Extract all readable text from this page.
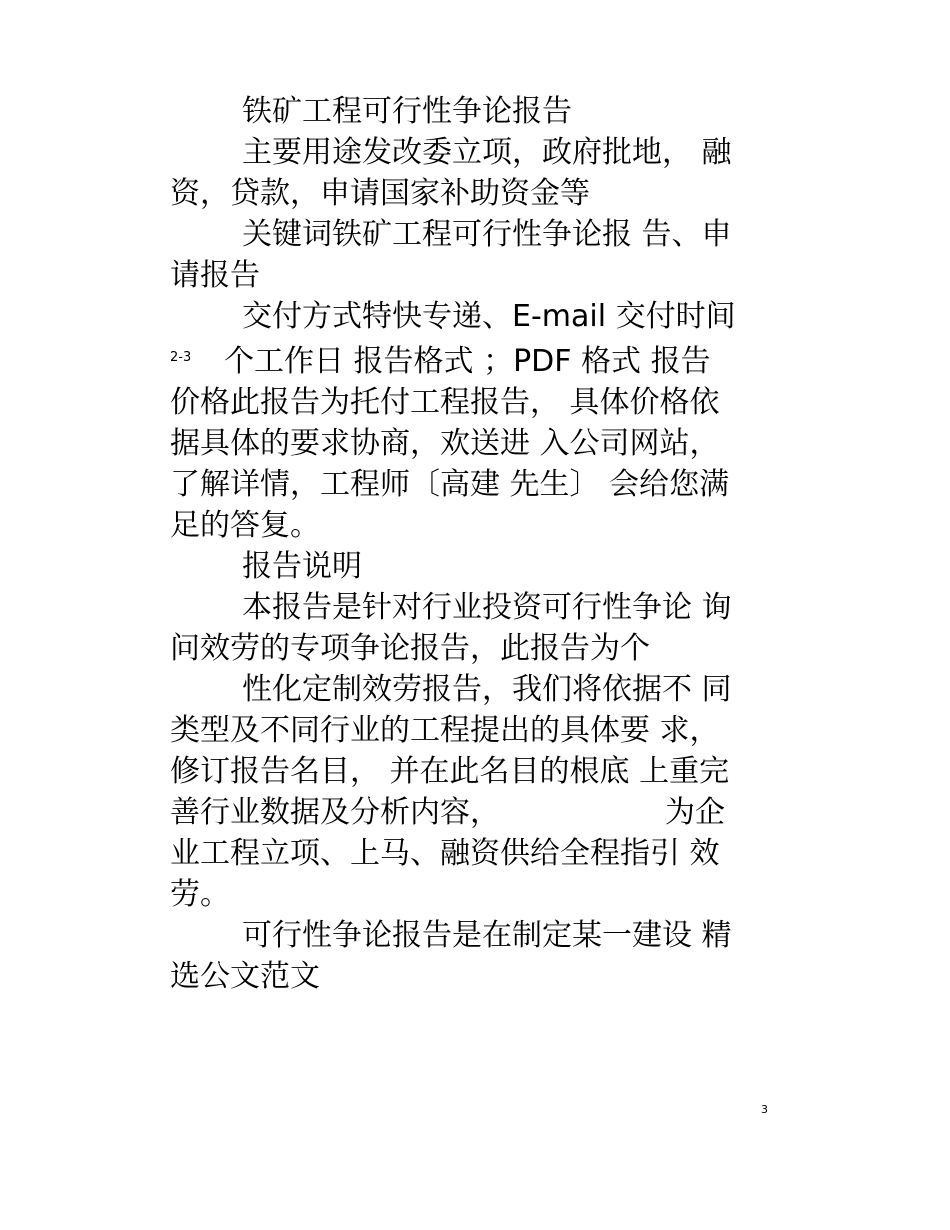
铁矿工程可行性争论报告
主要用途发改委立项，政府批地， 融
资，贷款，申请国家补助资金等
关键词铁矿工程可行性争论报 告、申
请报告
交付方式特快专递、E-mail 交付时间
2-3 个工作日 报告格式 ；PDF 格式 报告
价格此报告为托付工程报告， 具体价格依
据具体的要求协商，欢送进 入公司网站，
了解详情，工程师〔高建 先生〕 会给您满
足的答复。
报告说明
本报告是针对行业投资可行性争论 询
问效劳的专项争论报告，此报告为个
性化定制效劳报告，我们将依据不 同
类型及不同行业的工程提出的具体要 求，
修订报告名目， 并在此名目的根底 上重完
善行业数据及分析内容，	为企
业工程立项、上马、融资供给全程指引 效
劳。
可行性争论报告是在制定某一建设 精
选公文范文
3
